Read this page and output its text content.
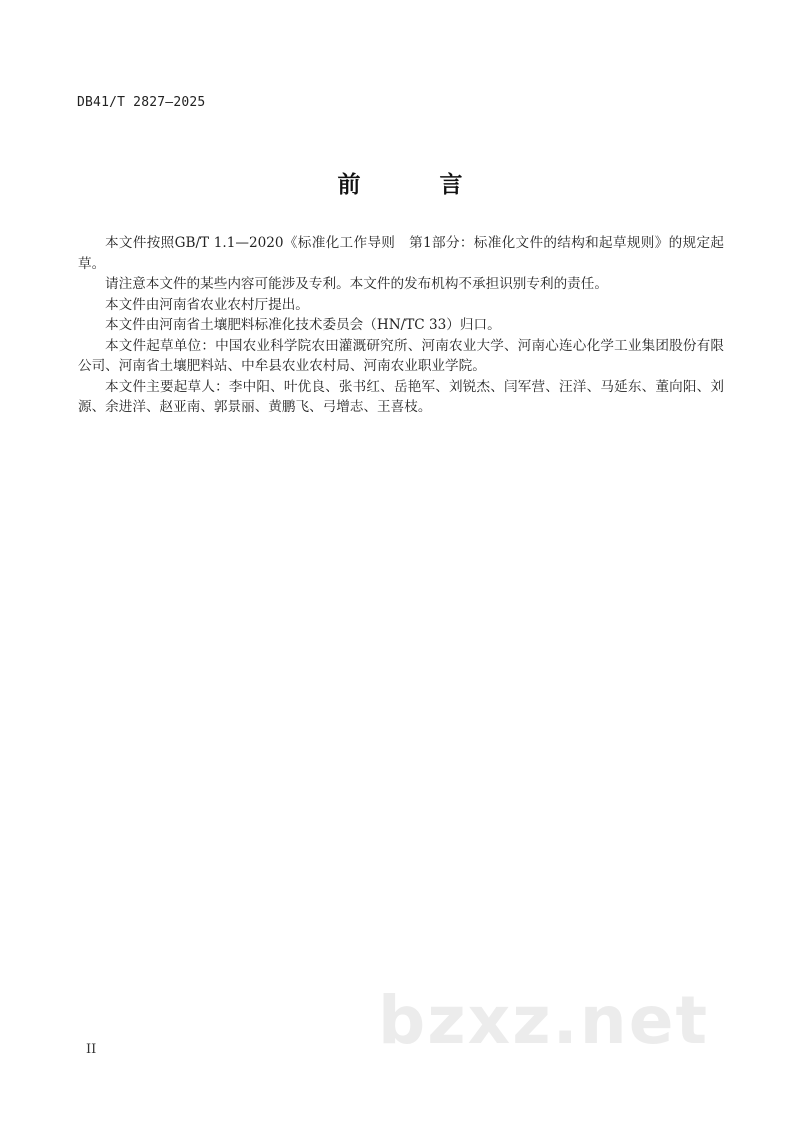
DB41/T 2827—2025
前　言

本文件按照GB/T 1.1—2020《标准化工作导则　第1部分：标准化文件的结构和起草规则》的规定起草。

请注意本文件的某些内容可能涉及专利。本文件的发布机构不承担识别专利的责任。

本文件由河南省农业农村厅提出。

本文件由河南省土壤肥料标准化技术委员会（HN/TC 33）归口。

本文件起草单位：中国农业科学院农田灌溉研究所、河南农业大学、河南心连心化学工业集团股份有限公司、河南省土壤肥料站、中牟县农业农村局、河南农业职业学院。

本文件主要起草人：李中阳、叶优良、张书红、岳艳军、刘锐杰、闫军营、汪洋、马延东、董向阳、刘源、余进洋、赵亚南、郭景丽、黄鹏飞、弓增志、王喜枝。

bzxz.net
II
